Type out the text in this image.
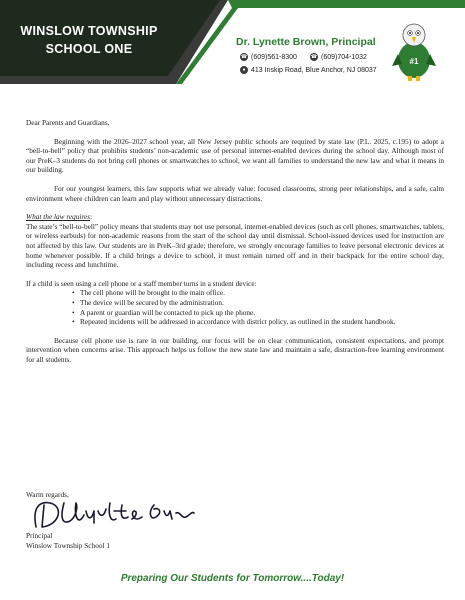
WINSLOW TOWNSHIP
SCHOOL ONE	Dr. Lynette Brown, Principal
☎ (609)561-8300	☎ (609)704-1032
● 413 Inskip Road, Blue Anchor, NJ 08037
#1

Dear Parents and Guardians,

Beginning with the 2026–2027 school year, all New Jersey public schools are required by state law (P.L. 2025, c.195) to adopt a “bell-to-bell” policy that prohibits students’ non-academic use of personal internet-enabled devices during the school day. Although most of our PreK–3 students do not bring cell phones or smartwatches to school, we want all families to understand the new law and what it means in our building.

For our youngest learners, this law supports what we already value: focused classrooms, strong peer relationships, and a safe, calm environment where children can learn and play without unnecessary distractions.

What the law requires:

The state’s “bell-to-bell” policy means that students may not use personal, internet-enabled devices (such as cell phones, smartwatches, tablets, or wireless earbuds) for non-academic reasons from the start of the school day until dismissal. School-issued devices used for instruction are not affected by this law. Our students are in PreK–3rd grade; therefore, we strongly encourage families to leave personal electronic devices at home whenever possible. If a child brings a device to school, it must remain turned off and in their backpack for the entire school day, including recess and lunchtime.

If a child is seen using a cell phone or a staff member turns in a student device:

• The cell phone will be brought to the main office.
• The device will be secured by the administration.
• A parent or guardian will be contacted to pick up the phone.
• Repeated incidents will be addressed in accordance with district policy, as outlined in the student handbook.

Because cell phone use is rare in our building, our focus will be on clear communication, consistent expectations, and prompt intervention when concerns arise. This approach helps us follow the new state law and maintain a safe, distraction-free learning environment for all students.

Warm regards,
Principal
Winslow Township School 1
Preparing Our Students for Tomorrow....Today!
